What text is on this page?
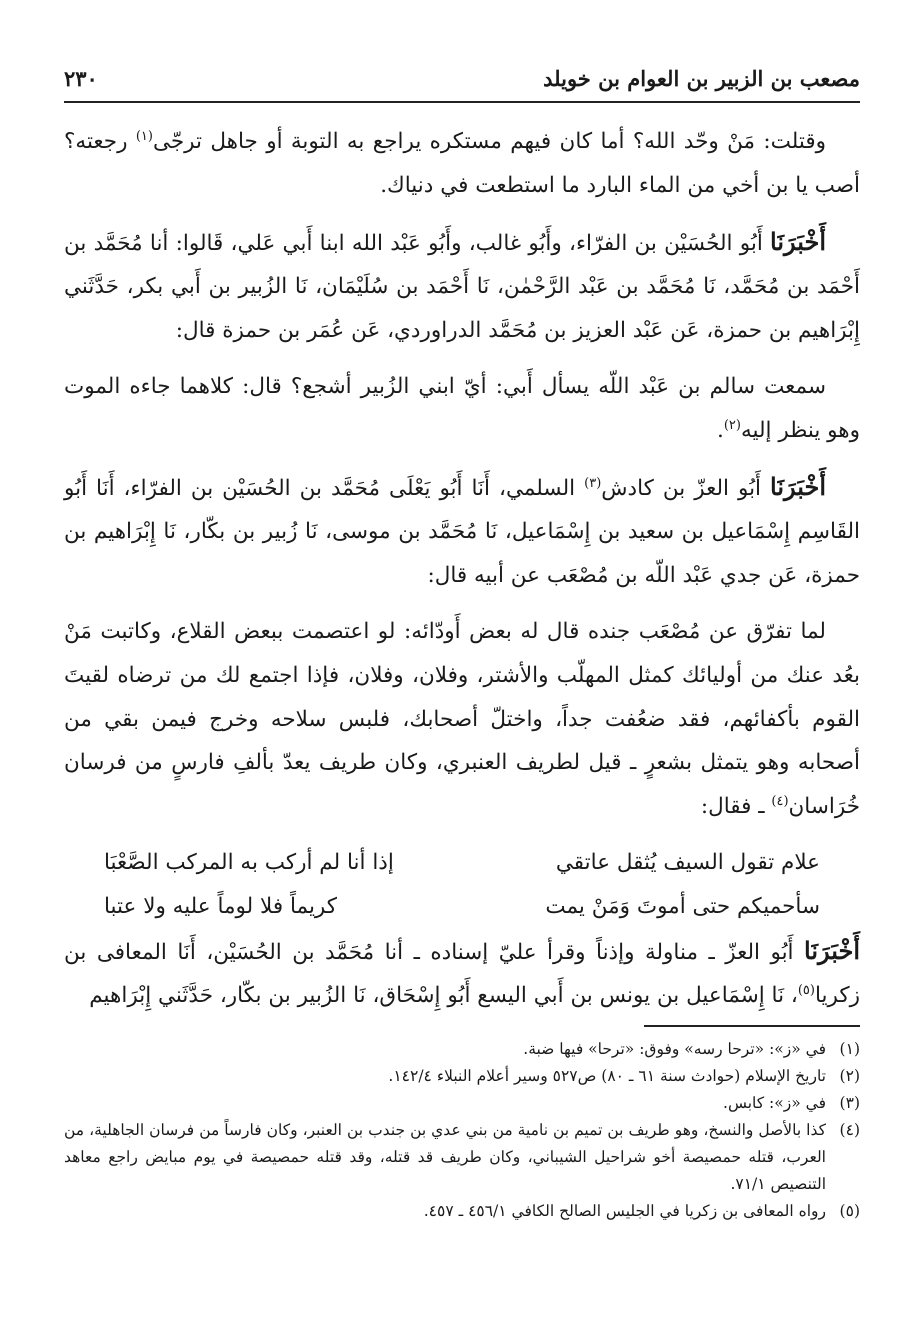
مصعب بن الزبير بن العوام بن خويلد
٢٣٠

وقتلت: مَنْ وحّد الله؟ أما كان فيهم مستكره يراجع به التوبة أو جاهل ترجّى$^{(١)}$ رجعته؟ أصب يا بن أخي من الماء البارد ما استطعت في دنياك.

أَخْبَرَنَا أَبُو الحُسَيْن بن الفرّاء، وأَبُو غالب، وأَبُو عَبْد الله ابنا أَبي عَلي، قَالوا: أنا مُحَمَّد بن أَحْمَد بن مُحَمَّد، نَا مُحَمَّد بن عَبْد الرَّحْمٰن، نَا أَحْمَد بن سُلَيْمَان، نَا الزُبير بن أَبي بكر، حَدَّثَني إِبْرَاهيم بن حمزة، عَن عَبْد العزيز بن مُحَمَّد الدراوردي، عَن عُمَر بن حمزة قال:

سمعت سالم بن عَبْد اللّه يسأل أَبي: أيّ ابني الزُبير أشجع؟ قال: كلاهما جاءه الموت وهو ينظر إليه$^{(٢)}$.

أَخْبَرَنَا أَبُو العزّ بن كادش$^{(٣)}$ السلمي، أَنَا أَبُو يَعْلَى مُحَمَّد بن الحُسَيْن بن الفرّاء، أَنَا أَبُو القَاسِم إِسْمَاعيل بن سعيد بن إِسْمَاعيل، نَا مُحَمَّد بن موسى، نَا زُبير بن بكّار، نَا إِبْرَاهيم بن حمزة، عَن جدي عَبْد اللّه بن مُصْعَب عن أبيه قال:

لما تفرّق عن مُصْعَب جنده قال له بعض أَودّائه: لو اعتصمت ببعض القلاع، وكاتبت مَنْ بعُد عنك من أوليائك كمثل المهلّب والأشتر، وفلان، وفلان، فإذا اجتمع لك من ترضاه لقيتَ القوم بأكفائهم، فقد ضعُفت جداً، واختلّ أصحابك، فلبس سلاحه وخرج فيمن بقي من أصحابه وهو يتمثل بشعرٍ ـ قيل لطريف العنبري، وكان طريف يعدّ بألفِ فارسٍ من فرسان خُرَاسان$^{(٤)}$ ـ فقال:

علام تقول السيف يُثقل عاتقي
إذا أنا لم أركب به المركب الصَّعْبَا
سأحميكم حتى أموتَ وَمَنْ يمت
كريماً فلا لوماً عليه ولا عتبا

أَخْبَرَنَا أَبُو العزّ ـ مناولة وإذناً وقرأ عليّ إسناده ـ أنا مُحَمَّد بن الحُسَيْن، أَنَا المعافى بن زكريا$^{(٥)}$، نَا إِسْمَاعيل بن يونس بن أَبي اليسع أَبُو إِسْحَاق، نَا الزُبير بن بكّار، حَدَّثَني إِبْرَاهيم

(١)
في «ز»: «ترحا رسه» وفوق: «ترحا» فيها ضبة.
(٢)
تاريخ الإسلام (حوادث سنة ٦١ ـ ٨٠) ص٥٢٧ وسير أعلام النبلاء ١٤٢/٤.
(٣)
في «ز»: كابس.
(٤)
كذا بالأصل والنسخ، وهو طريف بن تميم بن نامية من بني عدي بن جندب بن العنبر، وكان فارساً من فرسان الجاهلية، من العرب، قتله حمصيصة أخو شراحيل الشيباني، وكان طريف قد قتله، وقد قتله حمصيصة في يوم مبايض راجع معاهد التنصيص ٧١/١.
(٥)
رواه المعافى بن زكريا في الجليس الصالح الكافي ٤٥٦/١ ـ ٤٥٧.
